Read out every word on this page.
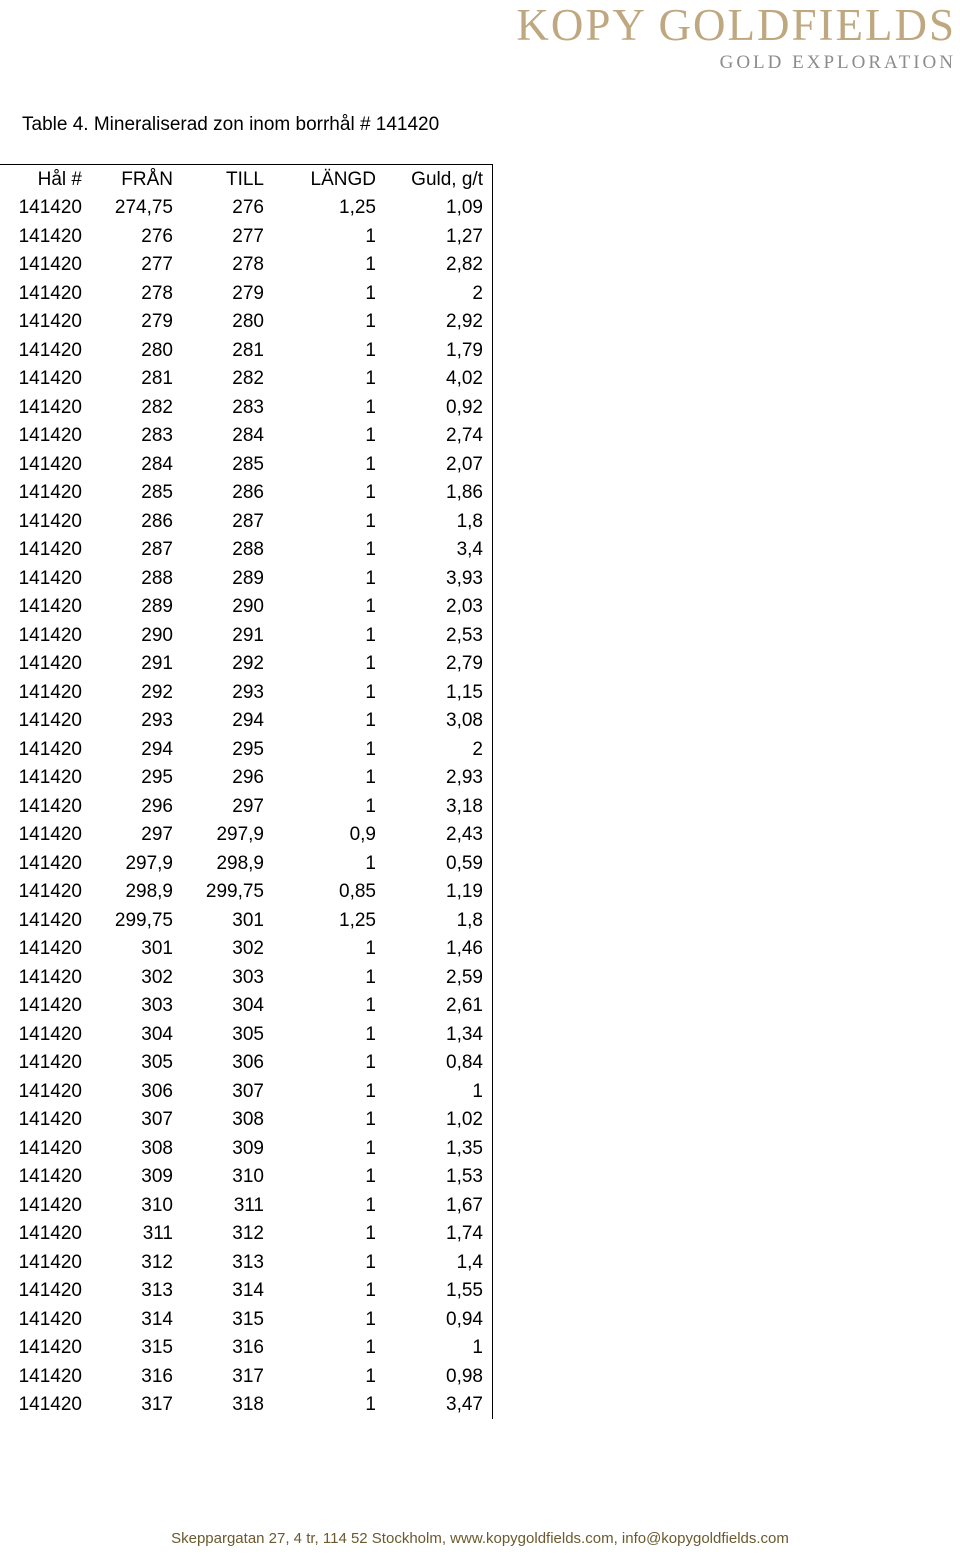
KOPY GOLDFIELDS
GOLD EXPLORATION
Table 4. Mineraliserad zon inom borrhål # 141420
Hål #	FRÅN	TILL	LÄNGD	Guld, g/t
141420	274,75	276	1,25	1,09
141420	276	277	1	1,27
141420	277	278	1	2,82
141420	278	279	1	2
141420	279	280	1	2,92
141420	280	281	1	1,79
141420	281	282	1	4,02
141420	282	283	1	0,92
141420	283	284	1	2,74
141420	284	285	1	2,07
141420	285	286	1	1,86
141420	286	287	1	1,8
141420	287	288	1	3,4
141420	288	289	1	3,93
141420	289	290	1	2,03
141420	290	291	1	2,53
141420	291	292	1	2,79
141420	292	293	1	1,15
141420	293	294	1	3,08
141420	294	295	1	2
141420	295	296	1	2,93
141420	296	297	1	3,18
141420	297	297,9	0,9	2,43
141420	297,9	298,9	1	0,59
141420	298,9	299,75	0,85	1,19
141420	299,75	301	1,25	1,8
141420	301	302	1	1,46
141420	302	303	1	2,59
141420	303	304	1	2,61
141420	304	305	1	1,34
141420	305	306	1	0,84
141420	306	307	1	1
141420	307	308	1	1,02
141420	308	309	1	1,35
141420	309	310	1	1,53
141420	310	311	1	1,67
141420	311	312	1	1,74
141420	312	313	1	1,4
141420	313	314	1	1,55
141420	314	315	1	0,94
141420	315	316	1	1
141420	316	317	1	0,98
141420	317	318	1	3,47
Skeppargatan 27, 4 tr, 114 52 Stockholm, www.kopygoldfields.com, info@kopygoldfields.com
